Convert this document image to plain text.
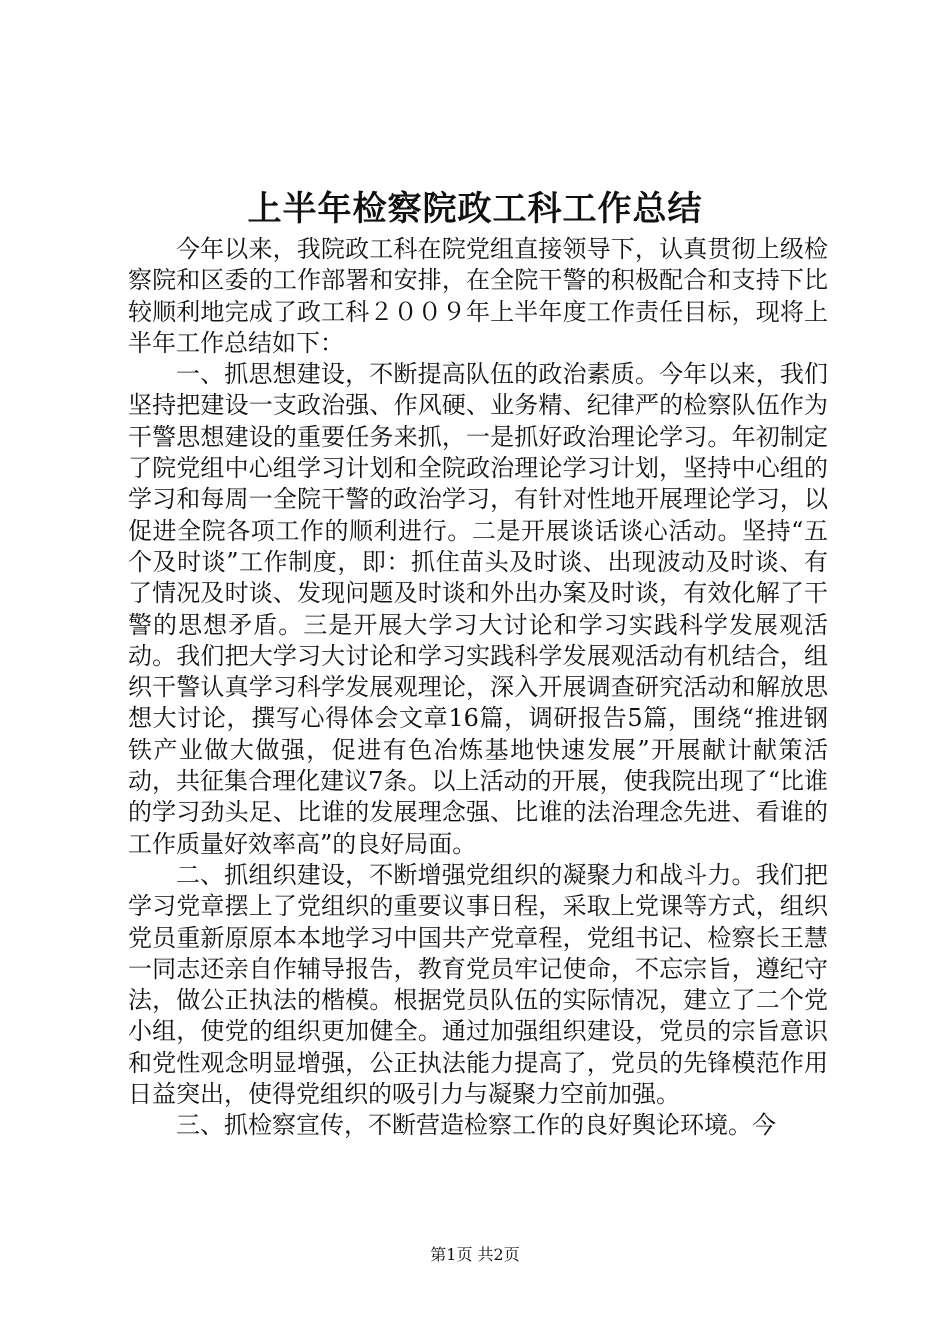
上半年检察院政工科工作总结

今年以来，我院政工科在院党组直接领导下，认真贯彻上级检察院和区委的工作部署和安排，在全院干警的积极配合和支持下比较顺利地完成了政工科２００９年上半年度工作责任目标，现将上半年工作总结如下：

一、抓思想建设，不断提高队伍的政治素质。今年以来，我们坚持把建设一支政治强、作风硬、业务精、纪律严的检察队伍作为干警思想建设的重要任务来抓，一是抓好政治理论学习。年初制定了院党组中心组学习计划和全院政治理论学习计划，坚持中心组的学习和每周一全院干警的政治学习，有针对性地开展理论学习，以促进全院各项工作的顺利进行。二是开展谈话谈心活动。坚持“五个及时谈”工作制度，即：抓住苗头及时谈、出现波动及时谈、有了情况及时谈、发现问题及时谈和外出办案及时谈，有效化解了干警的思想矛盾。三是开展大学习大讨论和学习实践科学发展观活动。我们把大学习大讨论和学习实践科学发展观活动有机结合，组织干警认真学习科学发展观理论，深入开展调查研究活动和解放思想大讨论，撰写心得体会文章16篇，调研报告5篇，围绕“推进钢铁产业做大做强，促进有色冶炼基地快速发展”开展献计献策活动，共征集合理化建议7条。以上活动的开展，使我院出现了“比谁的学习劲头足、比谁的发展理念强、比谁的法治理念先进、看谁的工作质量好效率高”的良好局面。

二、抓组织建设，不断增强党组织的凝聚力和战斗力。我们把学习党章摆上了党组织的重要议事日程，采取上党课等方式，组织党员重新原原本本地学习中国共产党章程，党组书记、检察长王慧一同志还亲自作辅导报告，教育党员牢记使命，不忘宗旨，遵纪守法，做公正执法的楷模。根据党员队伍的实际情况，建立了二个党小组，使党的组织更加健全。通过加强组织建设，党员的宗旨意识和党性观念明显增强，公正执法能力提高了，党员的先锋模范作用日益突出，使得党组织的吸引力与凝聚力空前加强。

三、抓检察宣传，不断营造检察工作的良好舆论环境。今

第1页 共2页
